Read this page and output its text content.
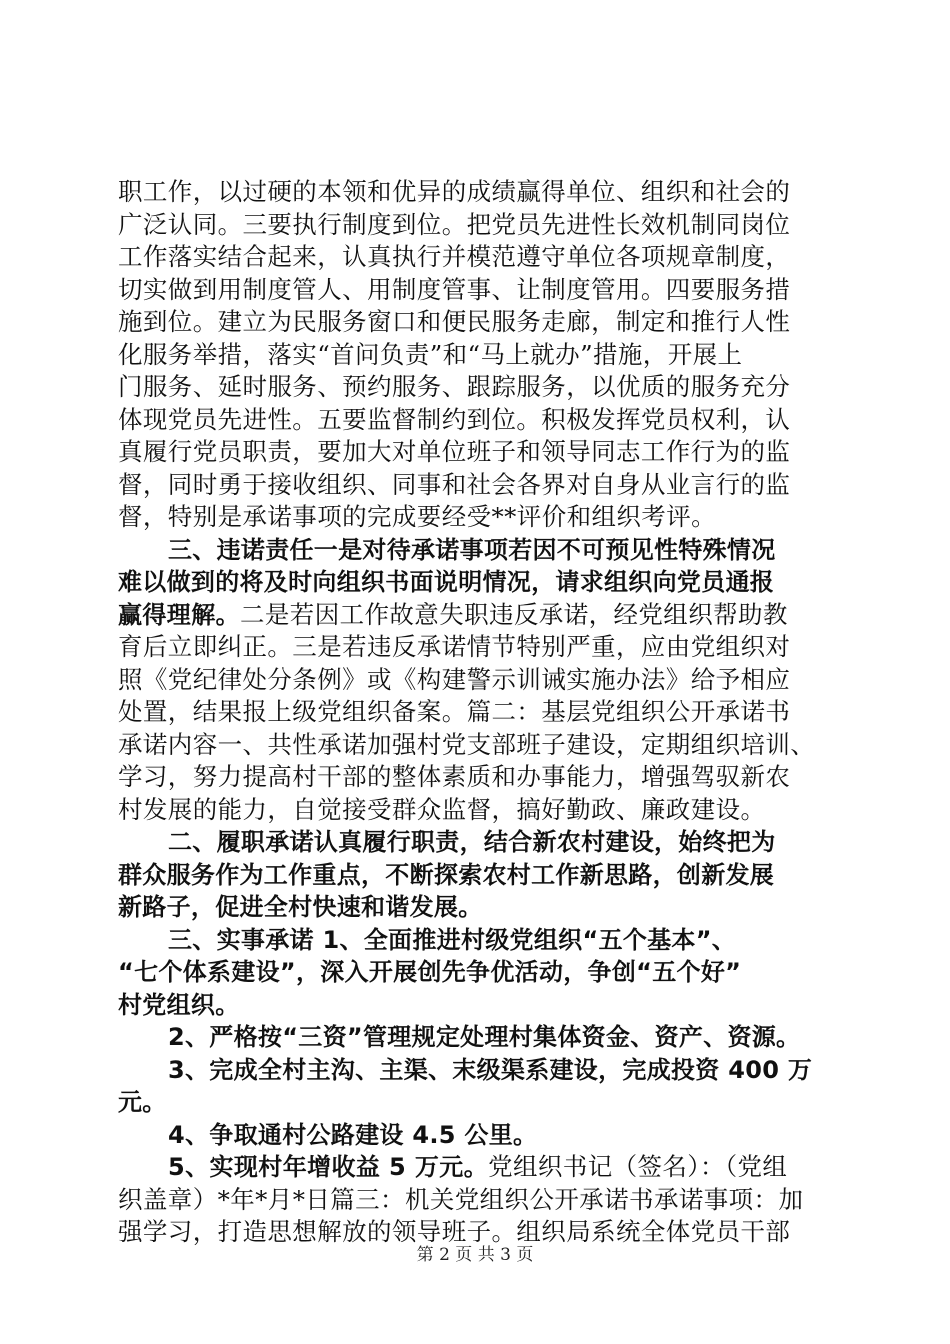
职工作，以过硬的本领和优异的成绩赢得单位、组织和社会的
广泛认同。三要执行制度到位。把党员先进性长效机制同岗位
工作落实结合起来，认真执行并模范遵守单位各项规章制度，
切实做到用制度管人、用制度管事、让制度管用。四要服务措
施到位。建立为民服务窗口和便民服务走廊，制定和推行人性
化服务举措，落实“首问负责”和“马上就办”措施，开展上
门服务、延时服务、预约服务、跟踪服务，以优质的服务充分
体现党员先进性。五要监督制约到位。积极发挥党员权利，认
真履行党员职责，要加大对单位班子和领导同志工作行为的监
督，同时勇于接收组织、同事和社会各界对自身从业言行的监
督，特别是承诺事项的完成要经受**评价和组织考评。
三、违诺责任一是对待承诺事项若因不可预见性特殊情况
难以做到的将及时向组织书面说明情况，请求组织向党员通报
赢得理解。二是若因工作故意失职违反承诺，经党组织帮助教
育后立即纠正。三是若违反承诺情节特别严重，应由党组织对
照《党纪律处分条例》或《构建警示训诫实施办法》给予相应
处置，结果报上级党组织备案。篇二：基层党组织公开承诺书
承诺内容一、共性承诺加强村党支部班子建设，定期组织培训、
学习，努力提高村干部的整体素质和办事能力，增强驾驭新农
村发展的能力，自觉接受群众监督，搞好勤政、廉政建设。
二、履职承诺认真履行职责，结合新农村建设，始终把为
群众服务作为工作重点，不断探索农村工作新思路，创新发展
新路子，促进全村快速和谐发展。
三、实事承诺 1、全面推进村级党组织“五个基本”、
“七个体系建设”，深入开展创先争优活动，争创“五个好”
村党组织。
2、严格按“三资”管理规定处理村集体资金、资产、资源。
3、完成全村主沟、主渠、末级渠系建设，完成投资 400 万
元。
4、争取通村公路建设 4.5 公里。
5、实现村年增收益 5 万元。党组织书记（签名）：（党组
织盖章）*年*月*日篇三：机关党组织公开承诺书承诺事项：加
强学习，打造思想解放的领导班子。组织局系统全体党员干部
第 2 页 共 3 页
